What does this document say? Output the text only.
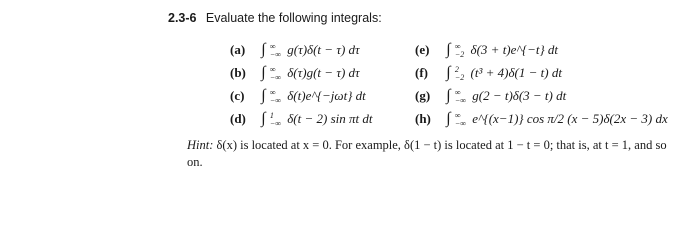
2.3-6 Evaluate the following integrals:
(a) ∫ ∞
−∞ g(τ)δ(t − τ) dτ
(b) ∫ ∞
−∞ δ(τ)g(t − τ) dτ
(c) ∫ ∞
−∞ δ(t)e^{−jωt} dt
(d) ∫ 1
−∞ δ(t − 2) sin πt dt
(e) ∫ ∞
−2 δ(3 + t)e^{−t} dt
(f) ∫ 2
−2 (t³ + 4)δ(1 − t) dt
(g) ∫ ∞
−∞ g(2 − t)δ(3 − t) dt
(h) ∫ ∞
−∞ e^{(x−1)} cos π/2 (x − 5)δ(2x − 3) dx
Hint: δ(x) is located at x = 0. For example, δ(1 − t) is located at 1 − t = 0; that is, at t = 1, and so on.
